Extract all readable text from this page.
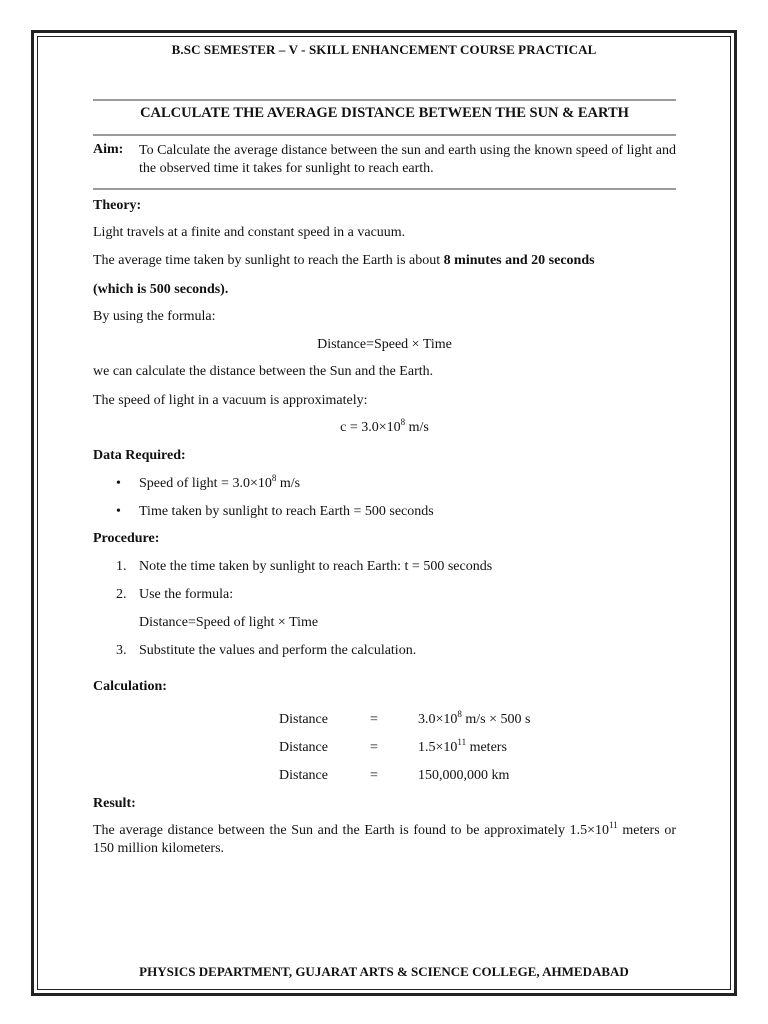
B.SC SEMESTER – V - SKILL ENHANCEMENT COURSE PRACTICAL
CALCULATE THE AVERAGE DISTANCE BETWEEN THE SUN & EARTH
Aim: To Calculate the average distance between the sun and earth using the known speed of light and the observed time it takes for sunlight to reach earth.
Theory:
Light travels at a finite and constant speed in a vacuum.
The average time taken by sunlight to reach the Earth is about 8 minutes and 20 seconds
(which is 500 seconds).
By using the formula:
Distance=Speed × Time
we can calculate the distance between the Sun and the Earth.
The speed of light in a vacuum is approximately:
$c = 3.0\times 10^8$ m/s
Data Required:
• Speed of light = $3.0\times 10^8$ m/s
• Time taken by sunlight to reach Earth = 500 seconds
Procedure:
1. Note the time taken by sunlight to reach Earth: t = 500 seconds
2. Use the formula:
Distance=Speed of light × Time
3. Substitute the values and perform the calculation.
Calculation:
Distance	=	$3.0\times 10^8$ m/s × 500 s
Distance	=	$1.5\times 10^{11}$ meters
Distance	=	150,000,000 km
Result:
The average distance between the Sun and the Earth is found to be approximately $1.5\times 10^{11}$ meters or 150 million kilometers.
PHYSICS DEPARTMENT, GUJARAT ARTS & SCIENCE COLLEGE, AHMEDABAD
